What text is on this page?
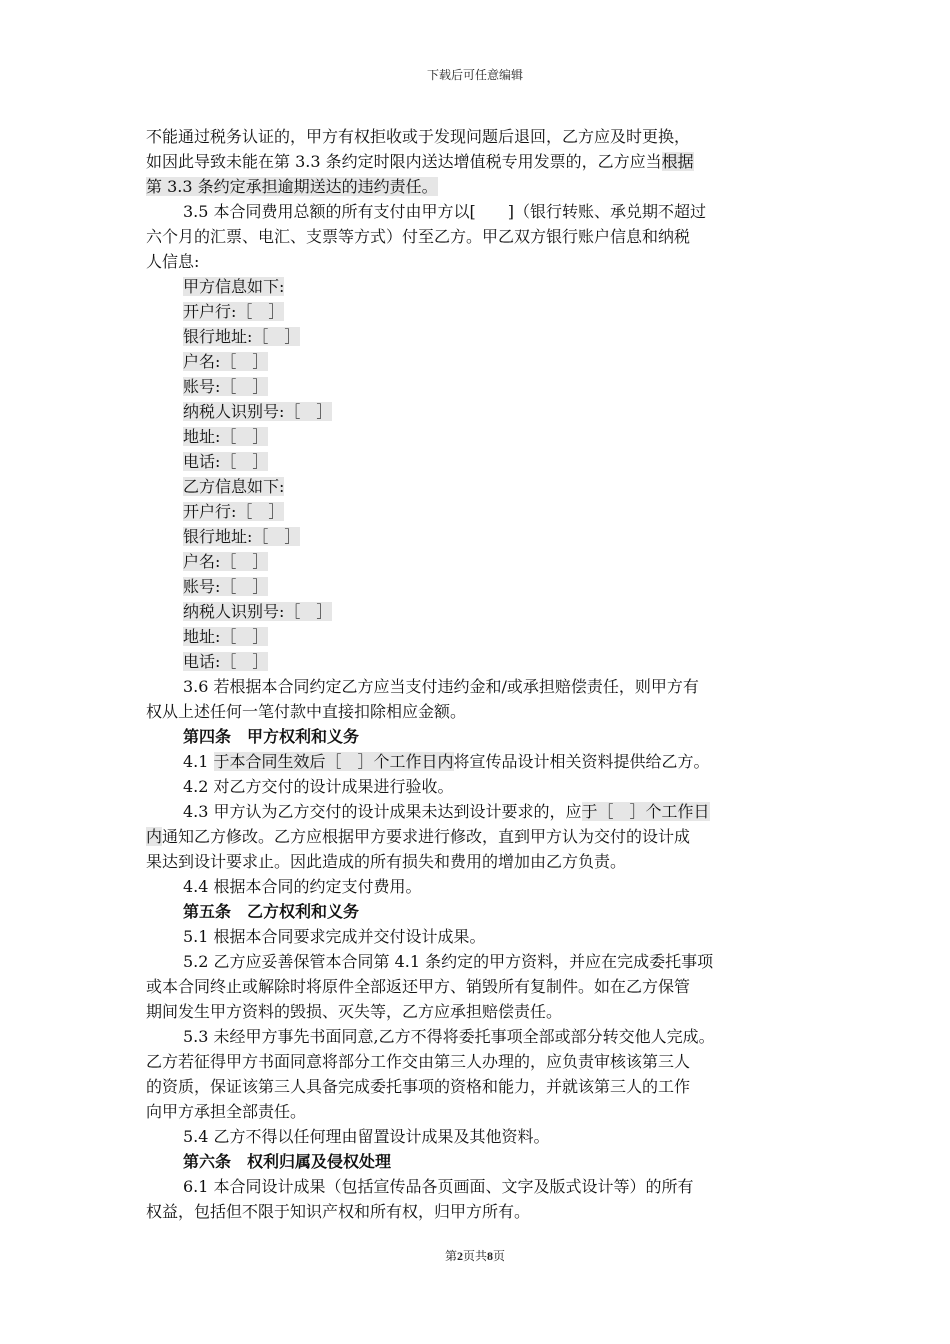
下载后可任意编辑
不能通过税务认证的，甲方有权拒收或于发现问题后退回，乙方应及时更换，
如因此导致未能在第 3.3 条约定时限内送达增值税专用发票的，乙方应当根据
第 3.3 条约定承担逾期送达的违约责任。
3.5 本合同费用总额的所有支付由甲方以[　　]（银行转账、承兑期不超过
六个月的汇票、电汇、支票等方式）付至乙方。甲乙双方银行账户信息和纳税
人信息:
甲方信息如下:
开户行:［　］
银行地址:［　］
户名:［　］
账号:［　］
纳税人识别号:［　］
地址:［　］
电话:［　］
乙方信息如下:
开户行:［　］
银行地址:［　］
户名:［　］
账号:［　］
纳税人识别号:［　］
地址:［　］
电话:［　］
3.6 若根据本合同约定乙方应当支付违约金和/或承担赔偿责任，则甲方有
权从上述任何一笔付款中直接扣除相应金额。
第四条　甲方权利和义务
4.1 于本合同生效后［　］个工作日内将宣传品设计相关资料提供给乙方。
4.2 对乙方交付的设计成果进行验收。
4.3 甲方认为乙方交付的设计成果未达到设计要求的，应于［　］个工作日
内通知乙方修改。乙方应根据甲方要求进行修改，直到甲方认为交付的设计成
果达到设计要求止。因此造成的所有损失和费用的增加由乙方负责。
4.4 根据本合同的约定支付费用。
第五条　乙方权利和义务
5.1 根据本合同要求完成并交付设计成果。
5.2 乙方应妥善保管本合同第 4.1 条约定的甲方资料，并应在完成委托事项
或本合同终止或解除时将原件全部返还甲方、销毁所有复制件。如在乙方保管
期间发生甲方资料的毁损、灭失等，乙方应承担赔偿责任。
5.3 未经甲方事先书面同意,乙方不得将委托事项全部或部分转交他人完成。
乙方若征得甲方书面同意将部分工作交由第三人办理的，应负责审核该第三人
的资质，保证该第三人具备完成委托事项的资格和能力，并就该第三人的工作
向甲方承担全部责任。
5.4 乙方不得以任何理由留置设计成果及其他资料。
第六条　权利归属及侵权处理
6.1 本合同设计成果（包括宣传品各页画面、文字及版式设计等）的所有
权益，包括但不限于知识产权和所有权，归甲方所有。
第2页共8页
